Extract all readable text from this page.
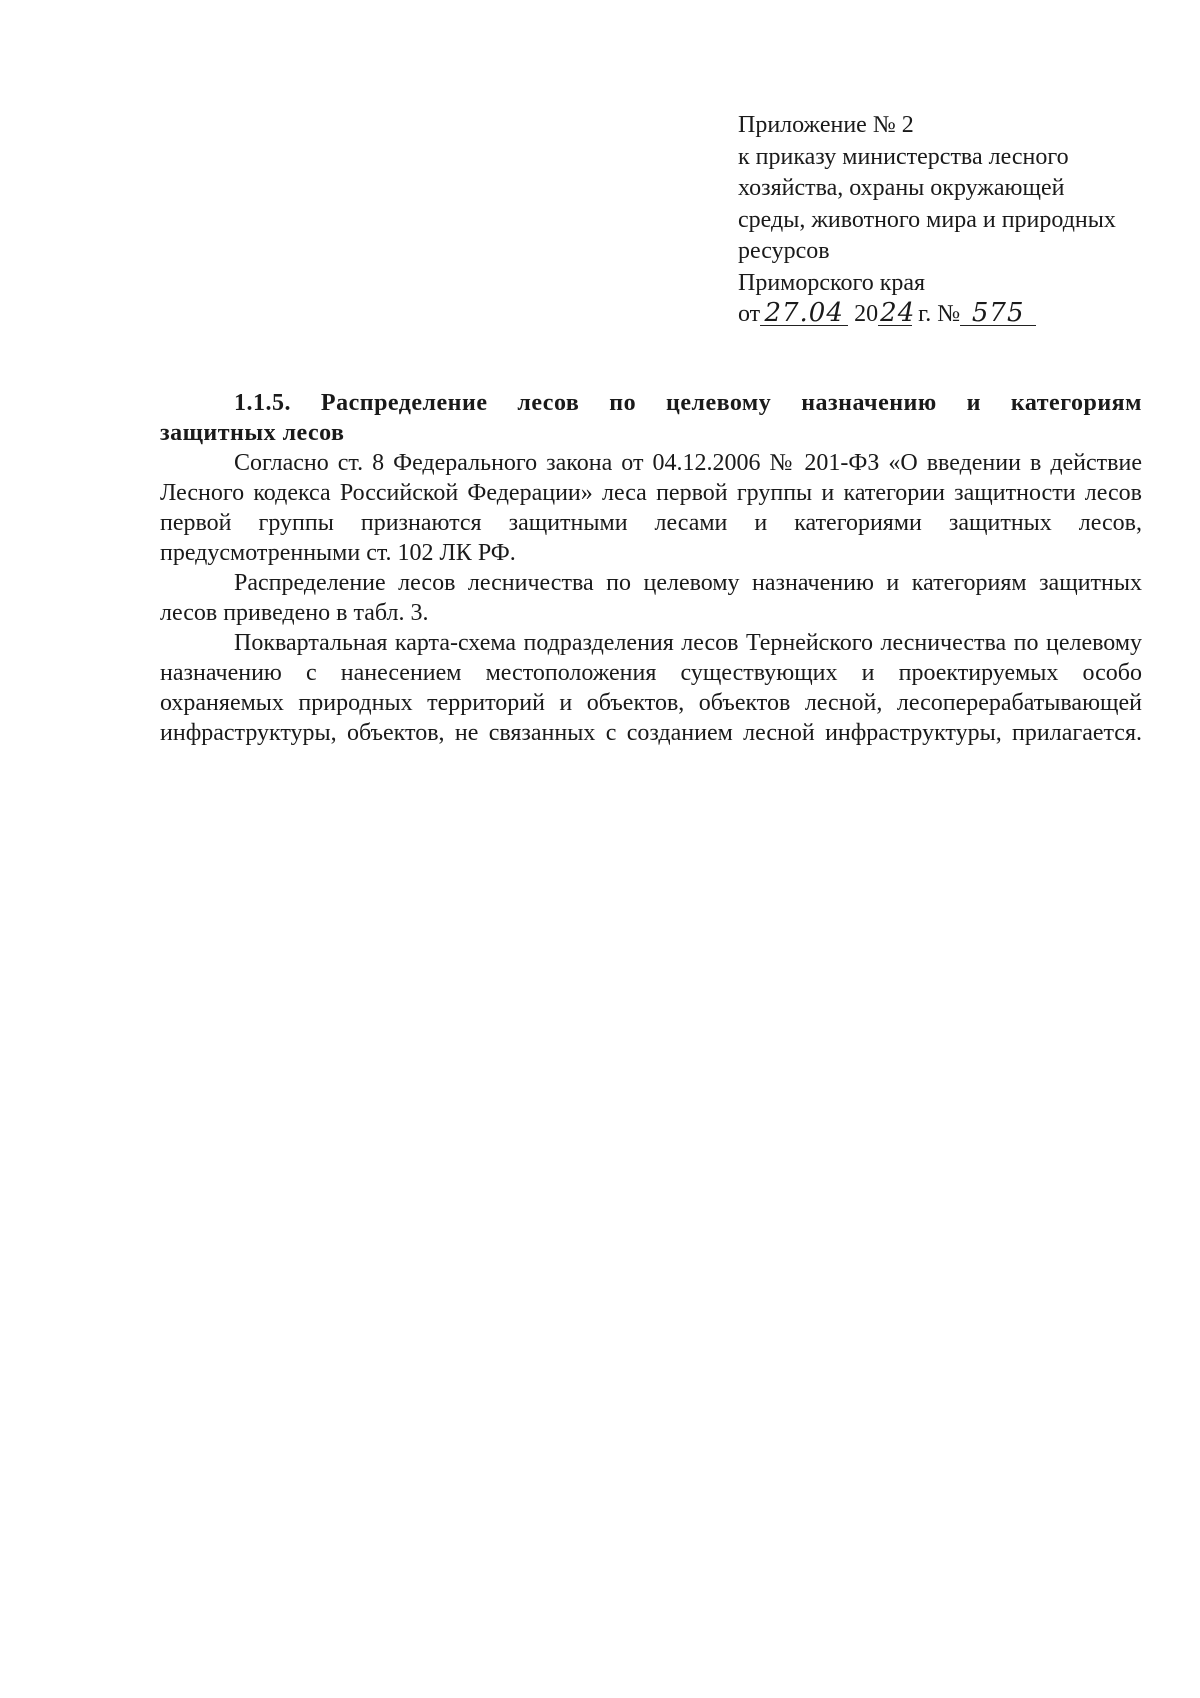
Приложение № 2
к приказу министерства лесного
хозяйства, охраны окружающей
среды, животного мира и природных
ресурсов
Приморского края
от 27.04 2024 г. № 575
1.1.5. Распределение лесов по целевому назначению и категориям
защитных лесов

Согласно ст. 8 Федерального закона от 04.12.2006 № 201-ФЗ «О введении в действие Лесного кодекса Российской Федерации» леса первой группы и категории защитности лесов первой группы признаются защитными лесами и категориями защитных лесов, предусмотренными ст. 102 ЛК РФ.

Распределение лесов лесничества по целевому назначению и категориям защитных лесов приведено в табл. 3.

Поквартальная карта-схема подразделения лесов Тернейского лесничества по целевому назначению с нанесением местоположения существующих и проектируемых особо охраняемых природных территорий и объектов, объектов лесной, лесоперерабатывающей инфраструктуры, объектов, не связанных с созданием лесной инфраструктуры, прилагается.
